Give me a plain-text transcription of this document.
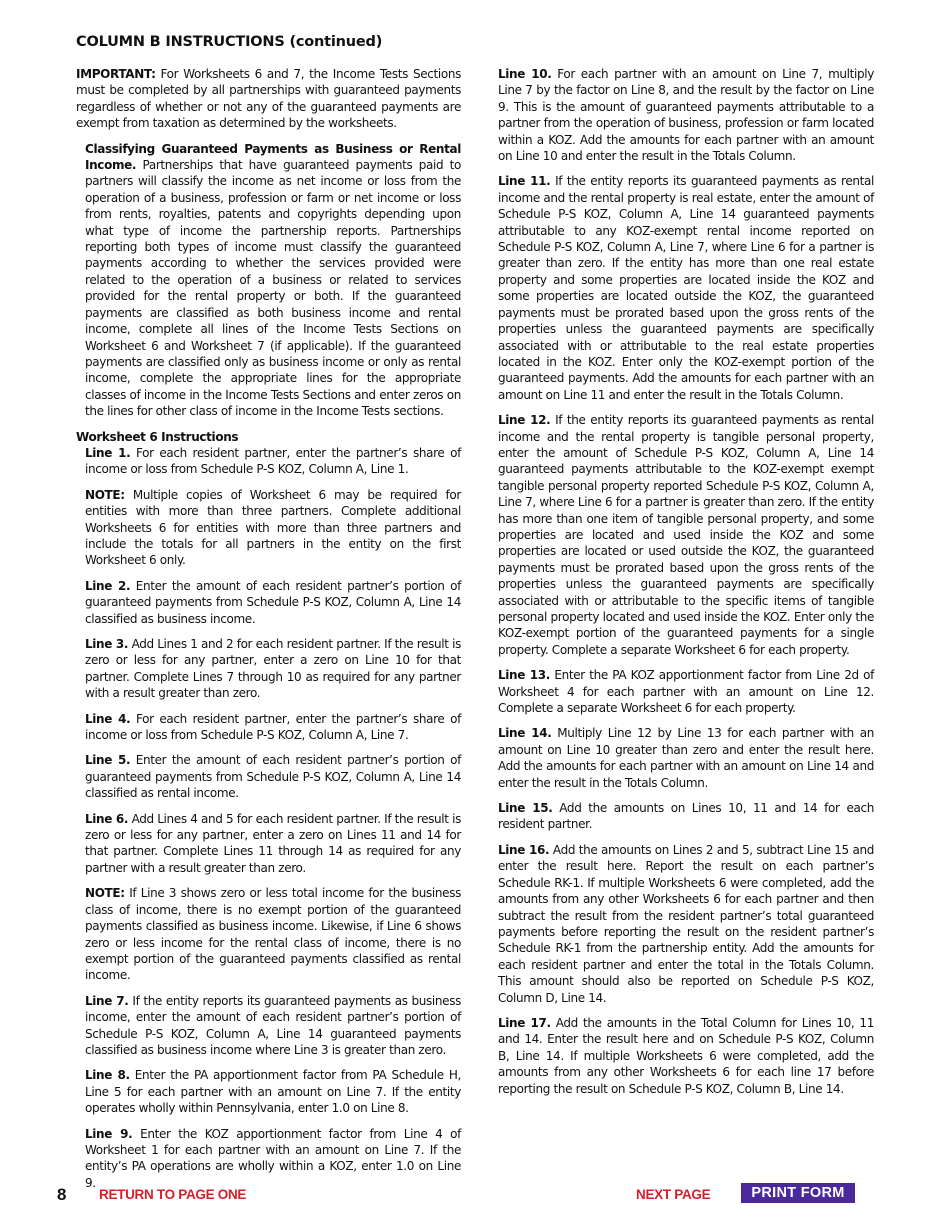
COLUMN B INSTRUCTIONS (continued)

IMPORTANT: For Worksheets 6 and 7, the Income Tests Sections must be completed by all partnerships with guaranteed payments regardless of whether or not any of the guaranteed payments are exempt from taxation as determined by the worksheets.

Classifying Guaranteed Payments as Business or Rental Income. Partnerships that have guaranteed payments paid to partners will classify the income as net income or loss from the operation of a business, profession or farm or net income or loss from rents, royalties, patents and copyrights depending upon what type of income the partnership reports. Partnerships reporting both types of income must classify the guaranteed payments according to whether the services provided were related to the operation of a business or related to services provided for the rental property or both. If the guaranteed payments are classified as both business income and rental income, complete all lines of the Income Tests Sections on Worksheet 6 and Worksheet 7 (if applicable). If the guaranteed payments are classified only as business income or only as rental income, complete the appropriate lines for the appropriate classes of income in the Income Tests Sections and enter zeros on the lines for other class of income in the Income Tests sections.

Worksheet 6 Instructions

Line 1. For each resident partner, enter the partner’s share of income or loss from Schedule P-S KOZ, Column A, Line 1.

NOTE: Multiple copies of Worksheet 6 may be required for entities with more than three partners. Complete additional Worksheets 6 for entities with more than three partners and include the totals for all partners in the entity on the first Worksheet 6 only.

Line 2. Enter the amount of each resident partner’s portion of guaranteed payments from Schedule P-S KOZ, Column A, Line 14 classified as business income.

Line 3. Add Lines 1 and 2 for each resident partner. If the result is zero or less for any partner, enter a zero on Line 10 for that partner. Complete Lines 7 through 10 as required for any partner with a result greater than zero.

Line 4. For each resident partner, enter the partner’s share of income or loss from Schedule P-S KOZ, Column A, Line 7.

Line 5. Enter the amount of each resident partner’s portion of guaranteed payments from Schedule P-S KOZ, Column A, Line 14 classified as rental income.

Line 6. Add Lines 4 and 5 for each resident partner. If the result is zero or less for any partner, enter a zero on Lines 11 and 14 for that partner. Complete Lines 11 through 14 as required for any partner with a result greater than zero.

NOTE: If Line 3 shows zero or less total income for the business class of income, there is no exempt portion of the guaranteed payments classified as business income. Likewise, if Line 6 shows zero or less income for the rental class of income, there is no exempt portion of the guaranteed payments classified as rental income.

Line 7. If the entity reports its guaranteed payments as business income, enter the amount of each resident partner’s portion of Schedule P-S KOZ, Column A, Line 14 guaranteed payments classified as business income where Line 3 is greater than zero.

Line 8. Enter the PA apportionment factor from PA Schedule H, Line 5 for each partner with an amount on Line 7. If the entity operates wholly within Pennsylvania, enter 1.0 on Line 8.

Line 9. Enter the KOZ apportionment factor from Line 4 of Worksheet 1 for each partner with an amount on Line 7. If the entity’s PA operations are wholly within a KOZ, enter 1.0 on Line 9.

Line 10. For each partner with an amount on Line 7, multiply Line 7 by the factor on Line 8, and the result by the factor on Line 9. This is the amount of guaranteed payments attributable to a partner from the operation of business, profession or farm located within a KOZ. Add the amounts for each partner with an amount on Line 10 and enter the result in the Totals Column.

Line 11. If the entity reports its guaranteed payments as rental income and the rental property is real estate, enter the amount of Schedule P-S KOZ, Column A, Line 14 guaranteed payments attributable to any KOZ-exempt rental income reported on Schedule P-S KOZ, Column A, Line 7, where Line 6 for a partner is greater than zero. If the entity has more than one real estate property and some properties are located inside the KOZ and some properties are located outside the KOZ, the guaranteed payments must be prorated based upon the gross rents of the properties unless the guaranteed payments are specifically associated with or attributable to the real estate properties located in the KOZ. Enter only the KOZ-exempt portion of the guaranteed payments. Add the amounts for each partner with an amount on Line 11 and enter the result in the Totals Column.

Line 12. If the entity reports its guaranteed payments as rental income and the rental property is tangible personal property, enter the amount of Schedule P-S KOZ, Column A, Line 14 guaranteed payments attributable to the KOZ-exempt exempt tangible personal property reported Schedule P-S KOZ, Column A, Line 7, where Line 6 for a partner is greater than zero. If the entity has more than one item of tangible personal property, and some properties are located and used inside the KOZ and some properties are located or used outside the KOZ, the guaranteed payments must be prorated based upon the gross rents of the properties unless the guaranteed payments are specifically associated with or attributable to the specific items of tangible personal property located and used inside the KOZ. Enter only the KOZ-exempt portion of the guaranteed payments for a single property. Complete a separate Worksheet 6 for each property.

Line 13. Enter the PA KOZ apportionment factor from Line 2d of Worksheet 4 for each partner with an amount on Line 12. Complete a separate Worksheet 6 for each property.

Line 14. Multiply Line 12 by Line 13 for each partner with an amount on Line 10 greater than zero and enter the result here. Add the amounts for each partner with an amount on Line 14 and enter the result in the Totals Column.

Line 15. Add the amounts on Lines 10, 11 and 14 for each resident partner.

Line 16. Add the amounts on Lines 2 and 5, subtract Line 15 and enter the result here. Report the result on each partner’s Schedule RK-1. If multiple Worksheets 6 were completed, add the amounts from any other Worksheets 6 for each partner and then subtract the result from the resident partner’s total guaranteed payments before reporting the result on the resident partner’s Schedule RK-1 from the partnership entity. Add the amounts for each resident partner and enter the total in the Totals Column. This amount should also be reported on Schedule P-S KOZ, Column D, Line 14.

Line 17. Add the amounts in the Total Column for Lines 10, 11 and 14. Enter the result here and on Schedule P-S KOZ, Column B, Line 14. If multiple Worksheets 6 were completed, add the amounts from any other Worksheets 6 for each line 17 before reporting the result on Schedule P-S KOZ, Column B, Line 14.

8 RETURN TO PAGE ONE	NEXT PAGE	PRINT FORM
